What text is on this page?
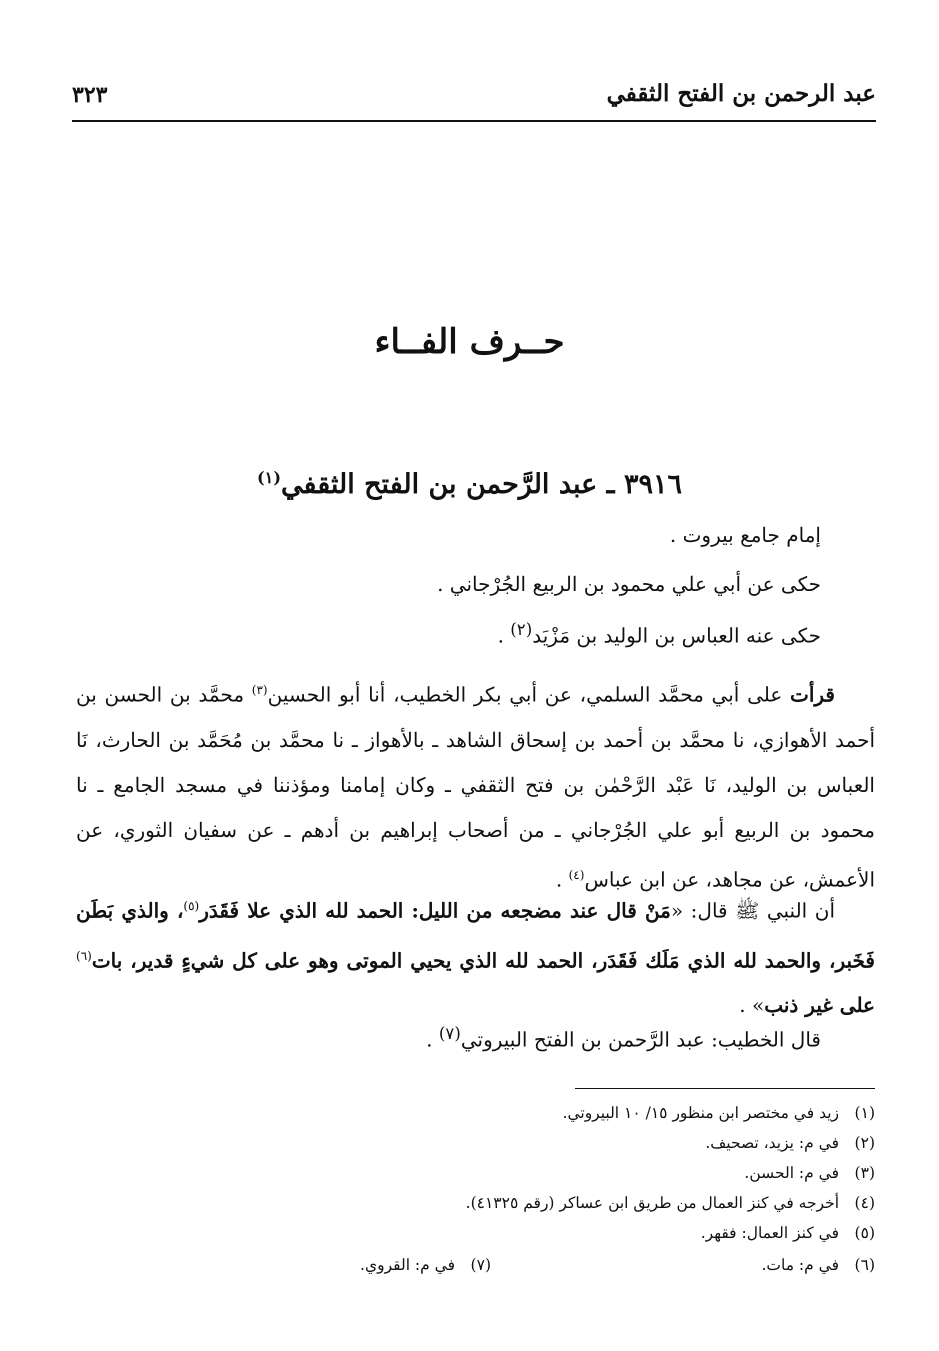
عبد الرحمن بن الفتح الثقفي
٣٢٣
حــرف الفــاء
٣٩١٦ ـ عبد الرَّحمن بن الفتح الثقفي$^{(١)}$
إمام جامع بيروت .
حكى عن أبي علي محمود بن الربيع الجُرْجاني .
حكى عنه العباس بن الوليد بن مَزْيَد$^{(٢)}$ .
قرأت على أبي محمَّد السلمي، عن أبي بكر الخطيب، أنا أبو الحسين$^{(٣)}$ محمَّد بن الحسن بن أحمد الأهوازي، نا محمَّد بن أحمد بن إسحاق الشاهد ـ بالأهواز ـ نا محمَّد بن مُحَمَّد بن الحارث، نَا العباس بن الوليد، نَا عَبْد الرَّحْمٰن بن فتح الثقفي ـ وكان إمامنا ومؤذننا في مسجد الجامع ـ نا محمود بن الربيع أبو علي الجُرْجاني ـ من أصحاب إبراهيم بن أدهم ـ عن سفيان الثوري، عن الأعمش، عن مجاهد، عن ابن عباس$^{(٤)}$ .
أن النبي ﷺ قال: «مَنْ قال عند مضجعه من الليل: الحمد لله الذي علا فَقَدَر$^{(٥)}$، والذي بَطَن فَخَبر، والحمد لله الذي مَلَك فَقَدَر، الحمد لله الذي يحيي الموتى وهو على كل شيءٍ قدير، بات$^{(٦)}$ على غير ذنب» .
قال الخطيب: عبد الرَّحمن بن الفتح البيروتي$^{(٧)}$ .
(١)زيد في مختصر ابن منظور ١٥/ ١٠ البيروتي.
(٢)في م: يزيد، تصحيف.
(٣)في م: الحسن.
(٤)أخرجه في كنز العمال من طريق ابن عساكر (رقم ٤١٣٢٥).
(٥)في كنز العمال: فقهر.
(٦)في م: مات.
(٧)في م: القروي.
